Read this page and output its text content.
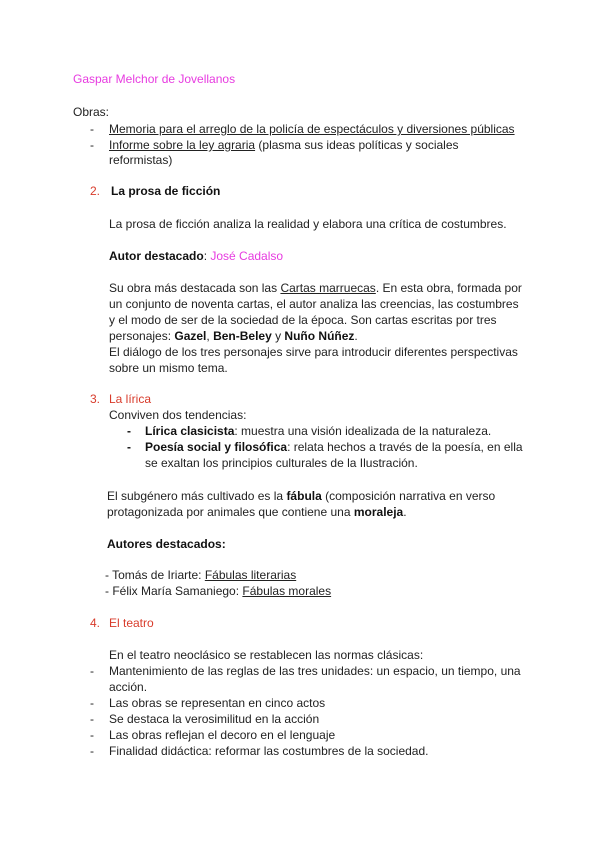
Gaspar Melchor de Jovellanos
Obras:
- Memoria para el arreglo de la policía de espectáculos y diversiones públicas
- Informe sobre la ley agraria (plasma sus ideas políticas y sociales
reformistas)
2. La prosa de ficción
La prosa de ficción analiza la realidad y elabora una crítica de costumbres.
Autor destacado: José Cadalso
Su obra más destacada son las Cartas marruecas. En esta obra, formada por
un conjunto de noventa cartas, el autor analiza las creencias, las costumbres
y el modo de ser de la sociedad de la época. Son cartas escritas por tres
personajes: Gazel, Ben-Beley y Nuño Núñez.
El diálogo de los tres personajes sirve para introducir diferentes perspectivas
sobre un mismo tema.
3. La lírica
Conviven dos tendencias:
- Lírica clasicista: muestra una visión idealizada de la naturaleza.
- Poesía social y filosófica: relata hechos a través de la poesía, en ella
se exaltan los principios culturales de la Ilustración.
El subgénero más cultivado es la fábula (composición narrativa en verso
protagonizada por animales que contiene una moraleja.
Autores destacados:
- Tomás de Iriarte: Fábulas literarias
- Félix María Samaniego: Fábulas morales
4. El teatro
En el teatro neoclásico se restablecen las normas clásicas:
- Mantenimiento de las reglas de las tres unidades: un espacio, un tiempo, una
acción.
- Las obras se representan en cinco actos
- Se destaca la verosimilitud en la acción
- Las obras reflejan el decoro en el lenguaje
- Finalidad didáctica: reformar las costumbres de la sociedad.
